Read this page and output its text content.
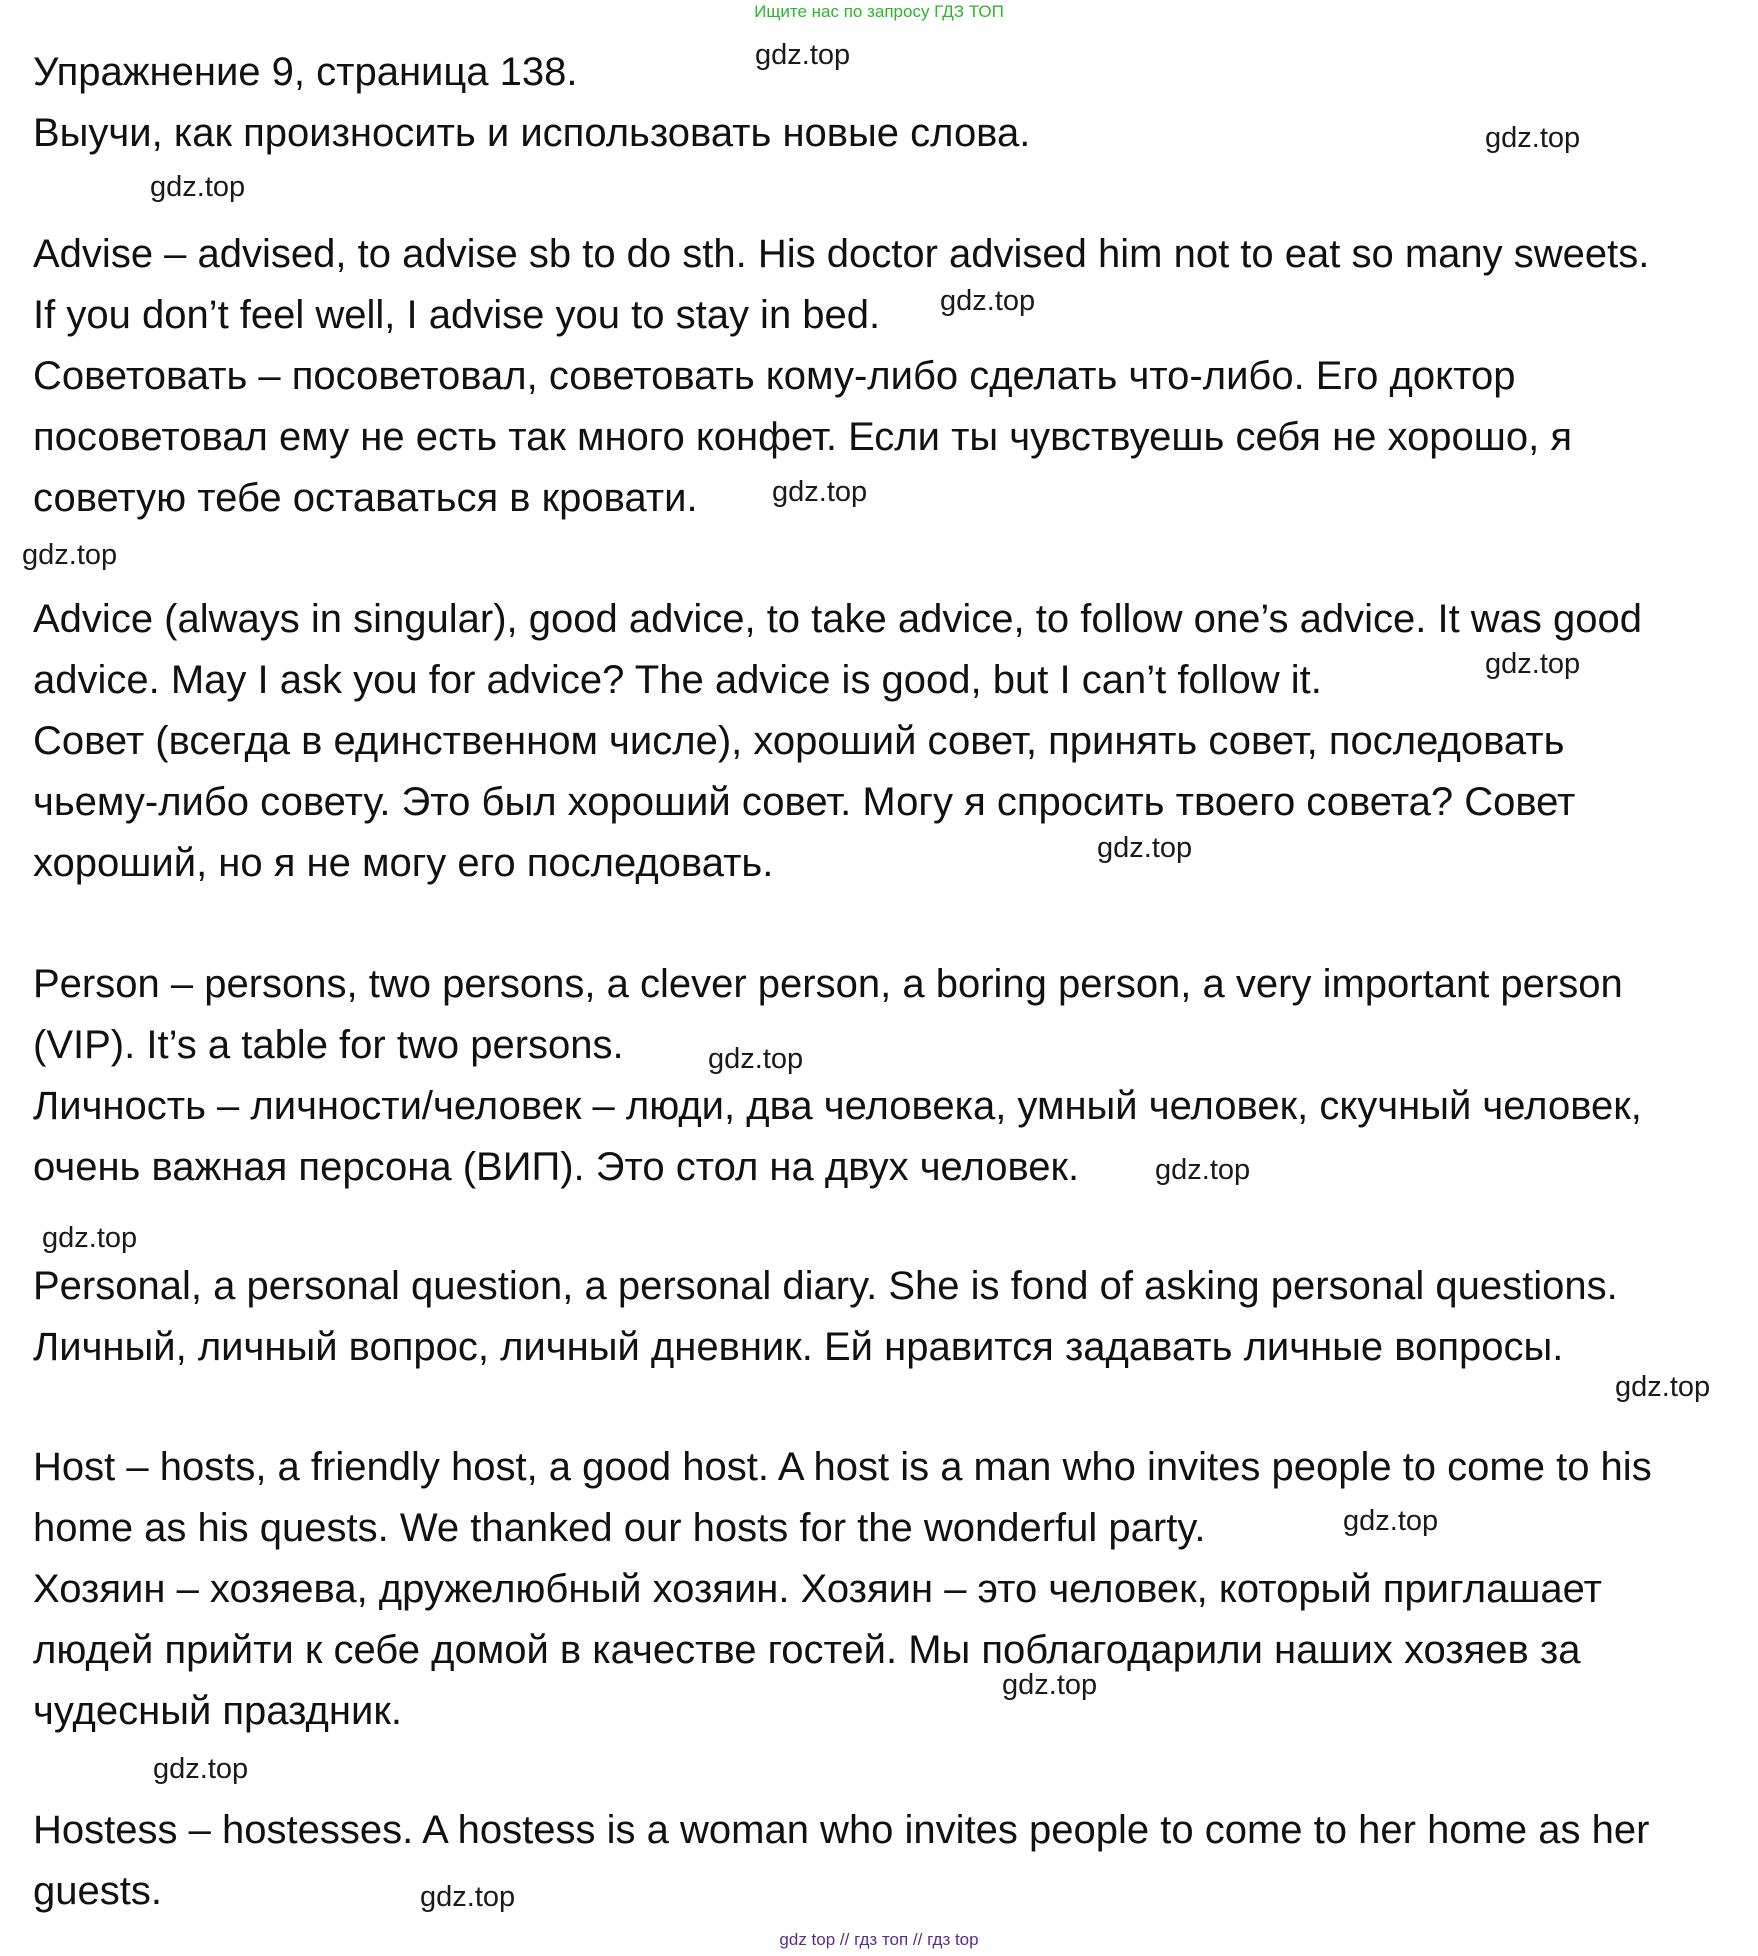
Ищите нас по запросу ГДЗ ТОП
Упражнение 9, страница 138.
Выучи, как произносить и использовать новые слова.
Advise – advised, to advise sb to do sth. His doctor advised him not to eat so many sweets.
If you don’t feel well, I advise you to stay in bed.
Советовать – посоветовал, советовать кому-либо сделать что-либо. Его доктор
посоветовал ему не есть так много конфет. Если ты чувствуешь себя не хорошо, я
советую тебе оставаться в кровати.
Advice (always in singular), good advice, to take advice, to follow one’s advice. It was good
advice. May I ask you for advice? The advice is good, but I can’t follow it.
Совет (всегда в единственном числе), хороший совет, принять совет, последовать
чьему-либо совету. Это был хороший совет. Могу я спросить твоего совета? Совет
хороший, но я не могу его последовать.
Person – persons, two persons, a clever person, a boring person, a very important person
(VIP). It’s a table for two persons.
Личность – личности/человек – люди, два человека, умный человек, скучный человек,
очень важная персона (ВИП). Это стол на двух человек.
Personal, a personal question, a personal diary. She is fond of asking personal questions.
Личный, личный вопрос, личный дневник. Ей нравится задавать личные вопросы.
Host – hosts, a friendly host, a good host. A host is a man who invites people to come to his
home as his quests. We thanked our hosts for the wonderful party.
Хозяин – хозяева, дружелюбный хозяин. Хозяин – это человек, который приглашает
людей прийти к себе домой в качестве гостей. Мы поблагодарили наших хозяев за
чудесный праздник.
Hostess – hostesses. A hostess is a woman who invites people to come to her home as her
guests.
gdz.top
gdz.top
gdz.top
gdz.top
gdz.top
gdz.top
gdz.top
gdz.top
gdz.top
gdz.top
gdz.top
gdz.top
gdz.top
gdz.top
gdz.top
gdz.top
gdz top // гдз топ // гдз top
